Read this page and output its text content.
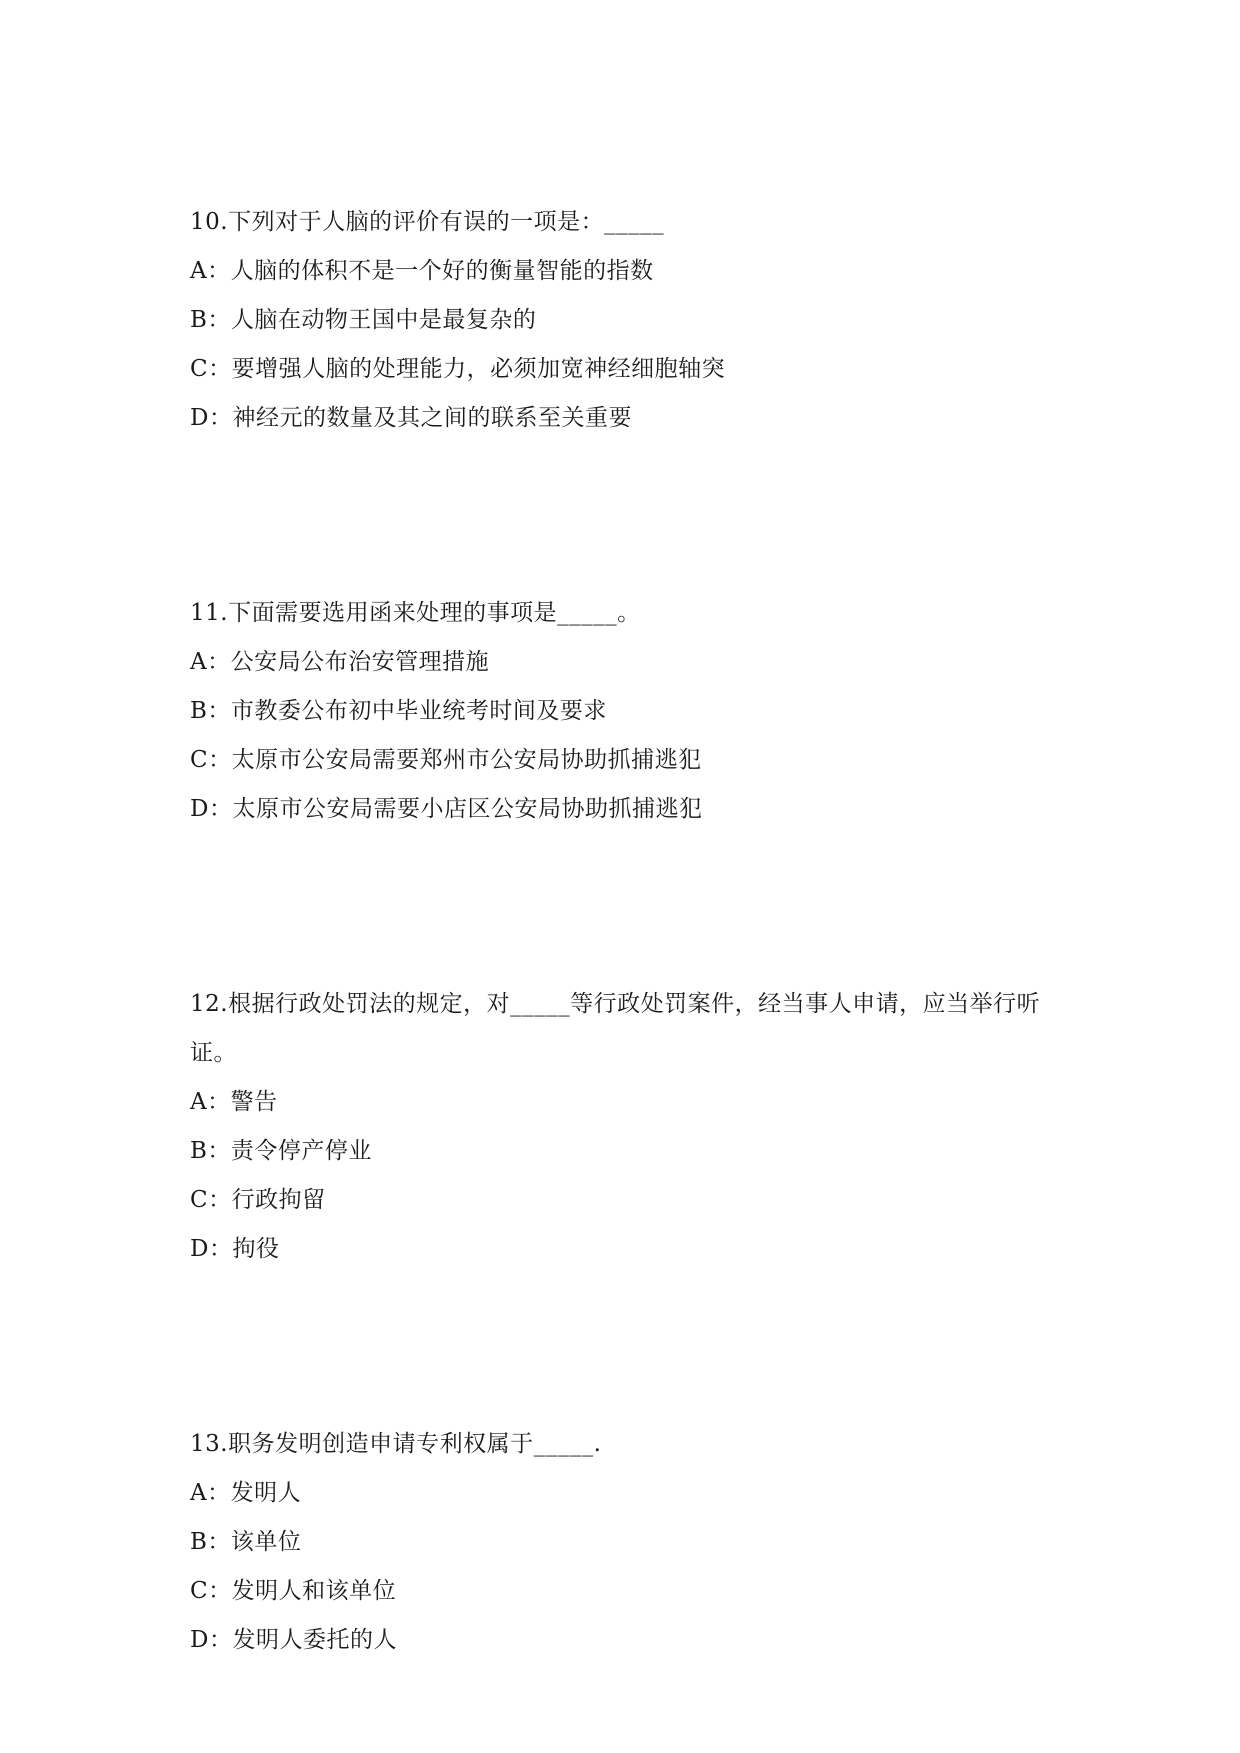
10.下列对于人脑的评价有误的一项是：_____

A：人脑的体积不是一个好的衡量智能的指数

B：人脑在动物王国中是最复杂的

C：要增强人脑的处理能力，必须加宽神经细胞轴突

D：神经元的数量及其之间的联系至关重要

11.下面需要选用函来处理的事项是_____。

A：公安局公布治安管理措施

B：市教委公布初中毕业统考时间及要求

C：太原市公安局需要郑州市公安局协助抓捕逃犯

D：太原市公安局需要小店区公安局协助抓捕逃犯

12.根据行政处罚法的规定，对_____等行政处罚案件，经当事人申请，应当举行听证。

A：警告

B：责令停产停业

C：行政拘留

D：拘役

13.职务发明创造申请专利权属于_____.

A：发明人

B：该单位

C：发明人和该单位

D：发明人委托的人
